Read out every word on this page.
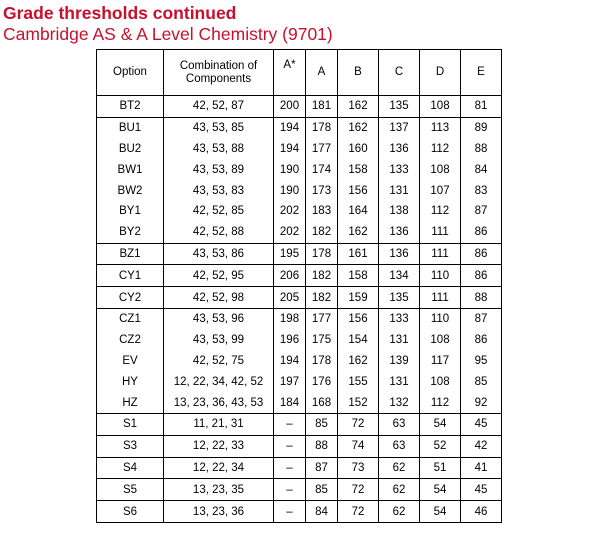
Grade thresholds continued
Cambridge AS & A Level Chemistry (9701)
Option	Combination of Components	A*	A	B	C	D	E
BT2	42, 52, 87	200	181	162	135	108	81
BU1	43, 53, 85	194	178	162	137	113	89
BU2	43, 53, 88	194	177	160	136	112	88
BW1	43, 53, 89	190	174	158	133	108	84
BW2	43, 53, 83	190	173	156	131	107	83
BY1	42, 52, 85	202	183	164	138	112	87
BY2	42, 52, 88	202	182	162	136	111	86
BZ1	43, 53, 86	195	178	161	136	111	86
CY1	42, 52, 95	206	182	158	134	110	86
CY2	42, 52, 98	205	182	159	135	111	88
CZ1	43, 53, 96	198	177	156	133	110	87
CZ2	43, 53, 99	196	175	154	131	108	86
EV	42, 52, 75	194	178	162	139	117	95
HY	12, 22, 34, 42, 52	197	176	155	131	108	85
HZ	13, 23, 36, 43, 53	184	168	152	132	112	92
S1	11, 21, 31	–	85	72	63	54	45
S3	12, 22, 33	–	88	74	63	52	42
S4	12, 22, 34	–	87	73	62	51	41
S5	13, 23, 35	–	85	72	62	54	45
S6	13, 23, 36	–	84	72	62	54	46
